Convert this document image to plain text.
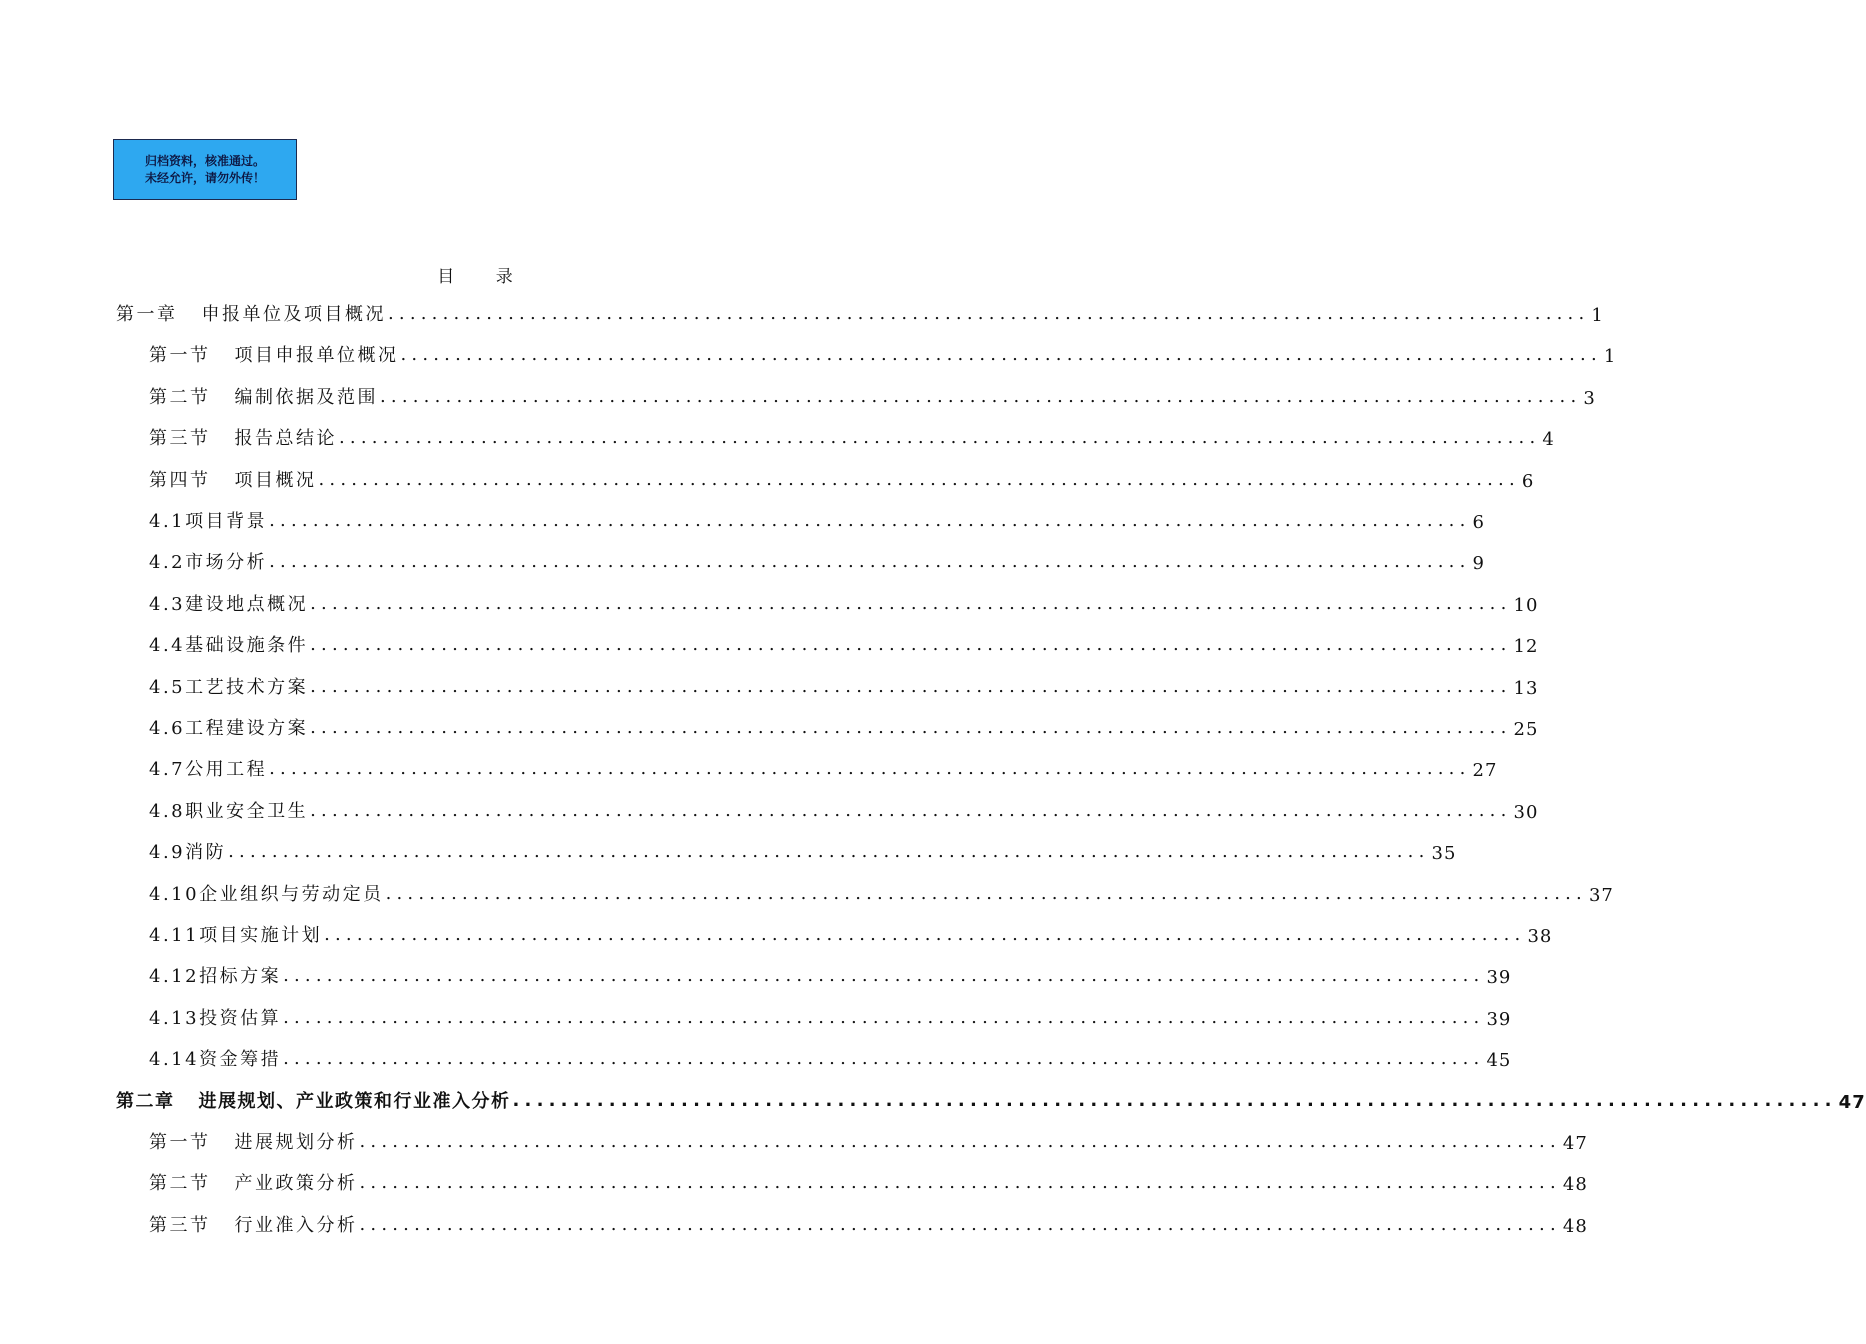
归档资料，核准通过。
未经允许，请勿外传！
目 录
第一章 申报单位及项目概况 .............................................................................................................. 1
第一节 项目申报单位概况 .............................................................................................................. 1
第二节 编制依据及范围 .............................................................................................................. 3
第三节 报告总结论 .............................................................................................................. 4
第四节 项目概况 .............................................................................................................. 6
4.1项目背景 .............................................................................................................. 6
4.2市场分析 .............................................................................................................. 9
4.3建设地点概况 .............................................................................................................. 10
4.4基础设施条件 .............................................................................................................. 12
4.5工艺技术方案 .............................................................................................................. 13
4.6工程建设方案 .............................................................................................................. 25
4.7公用工程 .............................................................................................................. 27
4.8职业安全卫生 .............................................................................................................. 30
4.9消防 .............................................................................................................. 35
4.10企业组织与劳动定员 .............................................................................................................. 37
4.11项目实施计划 .............................................................................................................. 38
4.12招标方案 .............................................................................................................. 39
4.13投资估算 .............................................................................................................. 39
4.14资金筹措 .............................................................................................................. 45
第二章 进展规划、产业政策和行业准入分析 .............................................................................................................. 47
第一节 进展规划分析 .............................................................................................................. 47
第二节 产业政策分析 .............................................................................................................. 48
第三节 行业准入分析 .............................................................................................................. 48
